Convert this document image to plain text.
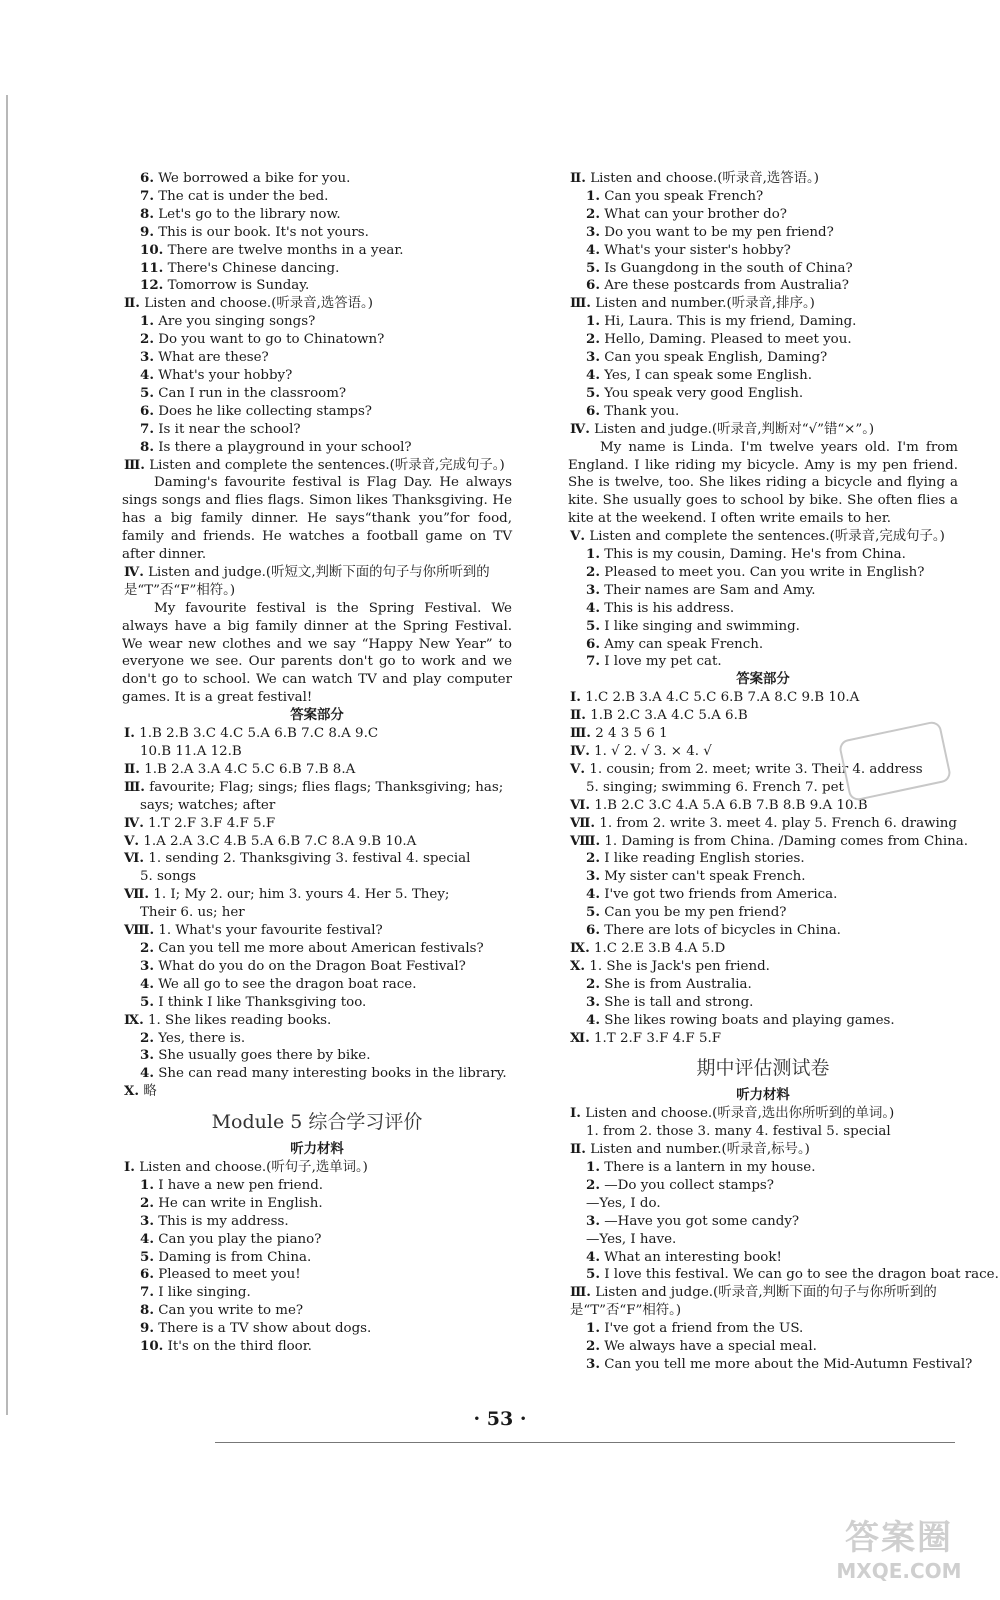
6. We borrowed a bike for you.
7. The cat is under the bed.
8. Let's go to the library now.
9. This is our book. It's not yours.
10. There are twelve months in a year.
11. There's Chinese dancing.
12. Tomorrow is Sunday.
Ⅱ. Listen and choose.(听录音,选答语。)
1. Are you singing songs?
2. Do you want to go to Chinatown?
3. What are these?
4. What's your hobby?
5. Can I run in the classroom?
6. Does he like collecting stamps?
7. Is it near the school?
8. Is there a playground in your school?
Ⅲ. Listen and complete the sentences.(听录音,完成句子。)
Daming's favourite festival is Flag Day. He always sings songs and flies flags. Simon likes Thanksgiving. He has a big family dinner. He says“thank you”for food, family and friends. He watches a football game on TV after dinner.
Ⅳ. Listen and judge.(听短文,判断下面的句子与你所听到的是“T”否“F”相符。)
My favourite festival is the Spring Festival. We always have a big family dinner at the Spring Festival. We wear new clothes and we say “Happy New Year” to everyone we see. Our parents don't go to work and we don't go to school. We can watch TV and play computer games. It is a great festival!
答案部分
Ⅰ. 1.B 2.B 3.C 4.C 5.A 6.B 7.C 8.A 9.C
10.B 11.A 12.B
Ⅱ. 1.B 2.A 3.A 4.C 5.C 6.B 7.B 8.A
Ⅲ. favourite; Flag; sings; flies flags; Thanksgiving; has;
says; watches; after
Ⅳ. 1.T 2.F 3.F 4.F 5.F
Ⅴ. 1.A 2.A 3.C 4.B 5.A 6.B 7.C 8.A 9.B 10.A
Ⅵ. 1. sending 2. Thanksgiving 3. festival 4. special
5. songs
Ⅶ. 1. I; My 2. our; him 3. yours 4. Her 5. They;
Their 6. us; her
Ⅷ. 1. What's your favourite festival?
2. Can you tell me more about American festivals?
3. What do you do on the Dragon Boat Festival?
4. We all go to see the dragon boat race.
5. I think I like Thanksgiving too.
Ⅸ. 1. She likes reading books.
2. Yes, there is.
3. She usually goes there by bike.
4. She can read many interesting books in the library.
Ⅹ. 略
Module 5 综合学习评价
听力材料
Ⅰ. Listen and choose.(听句子,选单词。)
1. I have a new pen friend.
2. He can write in English.
3. This is my address.
4. Can you play the piano?
5. Daming is from China.
6. Pleased to meet you!
7. I like singing.
8. Can you write to me?
9. There is a TV show about dogs.
10. It's on the third floor.
Ⅱ. Listen and choose.(听录音,选答语。)
1. Can you speak French?
2. What can your brother do?
3. Do you want to be my pen friend?
4. What's your sister's hobby?
5. Is Guangdong in the south of China?
6. Are these postcards from Australia?
Ⅲ. Listen and number.(听录音,排序。)
1. Hi, Laura. This is my friend, Daming.
2. Hello, Daming. Pleased to meet you.
3. Can you speak English, Daming?
4. Yes, I can speak some English.
5. You speak very good English.
6. Thank you.
Ⅳ. Listen and judge.(听录音,判断对“√”错“×”。)
My name is Linda. I'm twelve years old. I'm from England. I like riding my bicycle. Amy is my pen friend. She is twelve, too. She likes riding a bicycle and flying a kite. She usually goes to school by bike. She often flies a kite at the weekend. I often write emails to her.
Ⅴ. Listen and complete the sentences.(听录音,完成句子。)
1. This is my cousin, Daming. He's from China.
2. Pleased to meet you. Can you write in English?
3. Their names are Sam and Amy.
4. This is his address.
5. I like singing and swimming.
6. Amy can speak French.
7. I love my pet cat.
答案部分
Ⅰ. 1.C 2.B 3.A 4.C 5.C 6.B 7.A 8.C 9.B 10.A
Ⅱ. 1.B 2.C 3.A 4.C 5.A 6.B
Ⅲ. 2 4 3 5 6 1
Ⅳ. 1. √ 2. √ 3. × 4. √
Ⅴ. 1. cousin; from 2. meet; write 3. Their 4. address
5. singing; swimming 6. French 7. pet
Ⅵ. 1.B 2.C 3.C 4.A 5.A 6.B 7.B 8.B 9.A 10.B
Ⅶ. 1. from 2. write 3. meet 4. play 5. French 6. drawing
Ⅷ. 1. Daming is from China. /Daming comes from China.
2. I like reading English stories.
3. My sister can't speak French.
4. I've got two friends from America.
5. Can you be my pen friend?
6. There are lots of bicycles in China.
Ⅸ. 1.C 2.E 3.B 4.A 5.D
Ⅹ. 1. She is Jack's pen friend.
2. She is from Australia.
3. She is tall and strong.
4. She likes rowing boats and playing games.
Ⅺ. 1.T 2.F 3.F 4.F 5.F
期中评估测试卷
听力材料
Ⅰ. Listen and choose.(听录音,选出你所听到的单词。)
1. from 2. those 3. many 4. festival 5. special
Ⅱ. Listen and number.(听录音,标号。)
1. There is a lantern in my house.
2. —Do you collect stamps?
—Yes, I do.
3. —Have you got some candy?
—Yes, I have.
4. What an interesting book!
5. I love this festival. We can go to see the dragon boat race.
Ⅲ. Listen and judge.(听录音,判断下面的句子与你所听到的是“T”否“F”相符。)
1. I've got a friend from the US.
2. We always have a special meal.
3. Can you tell me more about the Mid-Autumn Festival?
· 53 ·
答案圈
MXQE.COM
